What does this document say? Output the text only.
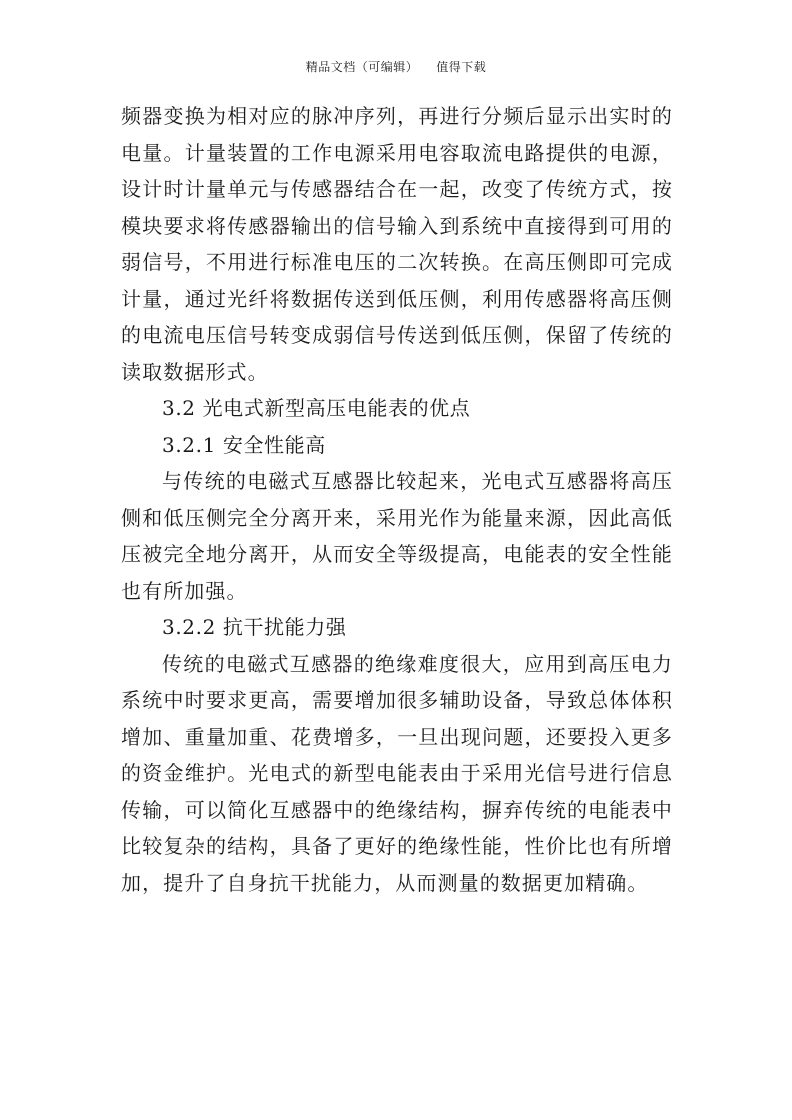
精品文档（可编辑） 值得下载

频器变换为相对应的脉冲序列，再进行分频后显示出实时的电量。计量装置的工作电源采用电容取流电路提供的电源，设计时计量单元与传感器结合在一起，改变了传统方式，按模块要求将传感器输出的信号输入到系统中直接得到可用的弱信号，不用进行标准电压的二次转换。在高压侧即可完成计量，通过光纤将数据传送到低压侧，利用传感器将高压侧的电流电压信号转变成弱信号传送到低压侧，保留了传统的读取数据形式。

3.2 光电式新型高压电能表的优点

3.2.1 安全性能高

与传统的电磁式互感器比较起来，光电式互感器将高压侧和低压侧完全分离开来，采用光作为能量来源，因此高低压被完全地分离开，从而安全等级提高，电能表的安全性能也有所加强。

3.2.2 抗干扰能力强

传统的电磁式互感器的绝缘难度很大，应用到高压电力系统中时要求更高，需要增加很多辅助设备，导致总体体积增加、重量加重、花费增多，一旦出现问题，还要投入更多的资金维护。光电式的新型电能表由于采用光信号进行信息传输，可以简化互感器中的绝缘结构，摒弃传统的电能表中比较复杂的结构，具备了更好的绝缘性能，性价比也有所增加，提升了自身抗干扰能力，从而测量的数据更加精确。
